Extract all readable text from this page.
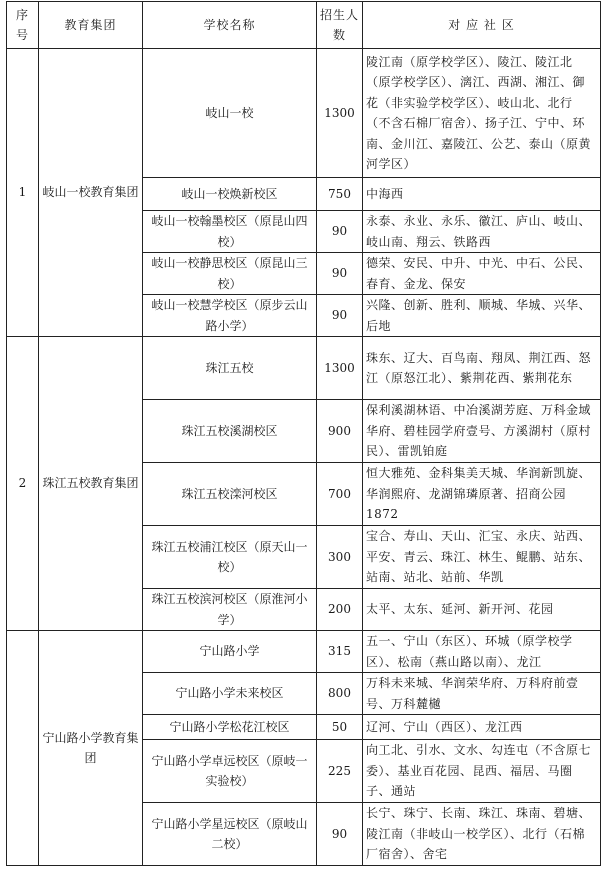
序号	教育集团	学校名称	招生人数	对 应 社 区
1	岐山一校教育集团	岐山一校	1300	陵江南（原学校学区）、陵江、陵江北（原学校学区）、漓江、西湖、湘江、御花（非实验学校学区）、岐山北、北行（不含石棉厂宿舍）、扬子江、宁中、环南、金川江、嘉陵江、公艺、泰山（原黄河学区）
		岐山一校焕新校区	750	中海西
		岐山一校翰墨校区（原昆山四校）	90	永泰、永业、永乐、徽江、庐山、岐山、岐山南、翔云、铁路西
		岐山一校静思校区（原昆山三校）	90	德荣、安民、中升、中光、中石、公民、春育、金龙、保安
		岐山一校慧学校区（原步云山路小学）	90	兴隆、创新、胜利、顺城、华城、兴华、后地
2	珠江五校教育集团	珠江五校	1300	珠东、辽大、百鸟南、翔凤、荆江西、怒江（原怒江北）、紫荆花西、紫荆花东
		珠江五校溪湖校区	900	保利溪湖林语、中冶溪湖芳庭、万科金域华府、碧桂园学府壹号、方溪湖村（原村民）、雷凯铂庭
		珠江五校滦河校区	700	恒大雅苑、金科集美天城、华润新凯旋、华润熙府、龙湖锦璘原著、招商公园 1872
		珠江五校浦江校区（原天山一校）	300	宝合、寿山、天山、汇宝、永庆、站西、平安、青云、珠江、林生、鲲鹏、站东、站南、站北、站前、华凯
		珠江五校滨河校区（原淮河小学）	200	太平、太东、延河、新开河、花园
	宁山路小学教育集团	宁山路小学	315	五一、宁山（东区）、环城（原学校学区）、松南（燕山路以南）、龙江
		宁山路小学未来校区	800	万科未来城、华润荣华府、万科府前壹号、万科麓樾
		宁山路小学松花江校区	50	辽河、宁山（西区）、龙江西
		宁山路小学卓远校区（原岐一实验校）	225	向工北、引水、文水、勾连屯（不含原七委）、基业百花园、昆西、福居、马圈子、通站
		宁山路小学星远校区（原岐山二校）	90	长宁、珠宁、长南、珠江、珠南、碧塘、陵江南（非岐山一校学区）、北行（石棉厂宿舍）、舍宅
